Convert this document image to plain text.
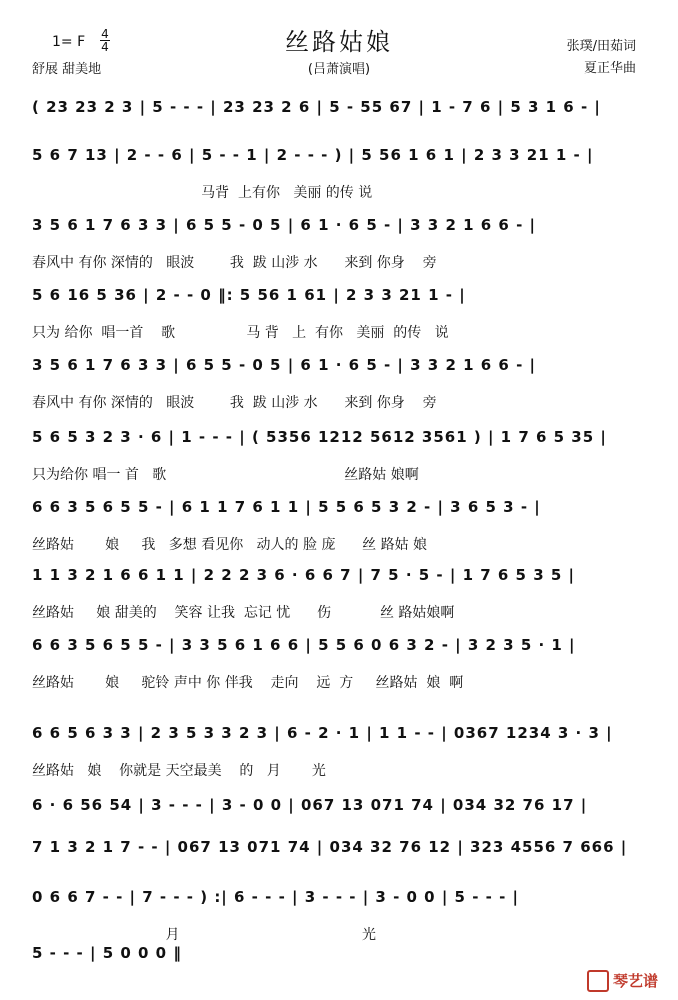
丝路姑娘
(吕萧演唱)
1= F 4
4
舒展 甜美地
张璞/田茹词
夏正华曲
( 23 23 2 3 | 5 - - - | 23 23 2 6 | 5 - 55 67 | 1 - 7 6 | 5 3 1 6 - |
5 6 7 13 | 2 - - 6 | 5 - - 1 | 2 - - - ) | 5 56 1 6 1 | 2 3 3 21 1 - |
马背  上有你   美丽 的传 说
3 5 6 1 7 6 3 3 | 6 5 5 - 0 5 | 6 1 · 6 5 - | 3 3 2 1 6 6 - |
春风中 有你 深情的   眼波        我  跋 山涉 水      来到 你身    旁
5 6 16 5 36 | 2 - - 0 ‖: 5 56 1 61 | 2 3 3 21 1 - |
只为 给你  唱一首    歌                马 背   上  有你   美丽  的传   说
3 5 6 1 7 6 3 3 | 6 5 5 - 0 5 | 6 1 · 6 5 - | 3 3 2 1 6 6 - |
春风中 有你 深情的   眼波        我  跋 山涉 水      来到 你身    旁
5 6 5 3 2 3 · 6 | 1 - - - | ( 5356 1212 5612 3561 ) | 1 7 6 5 35 |
只为给你 唱一 首   歌                                        丝路姑 娘啊
6 6 3 5 6 5 5 - | 6 1 1 7 6 1 1 | 5 5 6 5 3 2 - | 3 6 5 3 - |
丝路姑       娘     我   多想 看见你   动人的 脸 庞      丝 路姑 娘
1 1 3 2 1 6 6 1 1 | 2 2 2 3 6 · 6 6 7 | 7 5 · 5 - | 1 7 6 5 3 5 |
丝路姑     娘 甜美的    笑容 让我  忘记 忧      伤           丝 路姑娘啊
6 6 3 5 6 5 5 - | 3 3 5 6 1 6 6 | 5 5 6 0 6 3 2 - | 3 2 3 5 · 1 |
丝路姑       娘     驼铃 声中 你 伴我    走向    远  方     丝路姑  娘  啊
6 6 5 6 3 3 | 2 3 5 3 3 2 3 | 6 - 2 · 1 | 1 1 - - | 0367 1234 3 · 3 |
丝路姑   娘    你就是 天空最美    的   月       光
6 · 6 56 54 | 3 - - - | 3 - 0 0 | 067 13 071 74 | 034 32 76 17 |
7 1 3 2 1 7 - - | 067 13 071 74 | 034 32 76 12 | 323 4556 7 666 |
0 6 6 7 - - | 7 - - - ) :| 6 - - - | 3 - - - | 3 - 0 0 | 5 - - - |
月                                         光
5 - - - | 5 0 0 0 ‖
琴艺谱
